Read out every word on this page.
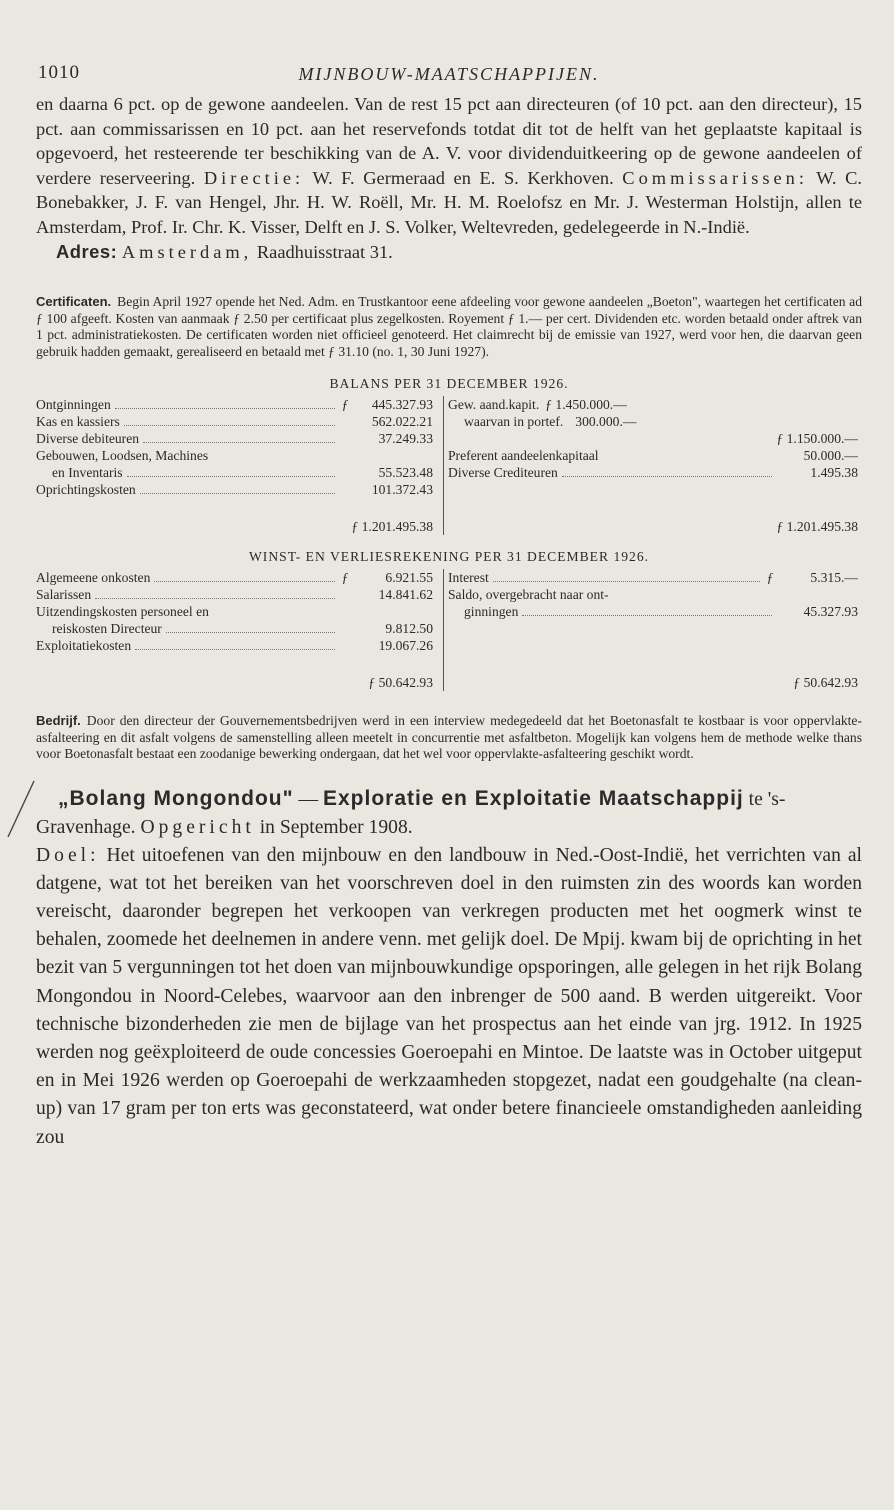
1010	MIJNBOUW-MAATSCHAPPIJEN.

en daarna 6 pct. op de gewone aandeelen. Van de rest 15 pct aan directeuren (of 10 pct. aan den directeur), 15 pct. aan commissarissen en 10 pct. aan het reservefonds totdat dit tot de helft van het geplaatste kapitaal is opgevoerd, het resteerende ter beschikking van de A. V. voor dividenduitkeering op de gewone aandeelen of verdere reserveering. Directie: W. F. Germeraad en E. S. Kerkhoven. Commissarissen: W. C. Bonebakker, J. F. van Hengel, Jhr. H. W. Roëll, Mr. H. M. Roelofsz en Mr. J. Westerman Holstijn, allen te Amsterdam, Prof. Ir. Chr. K. Visser, Delft en J. S. Volker, Weltevreden, gedelegeerde in N.-Indië.

Adres: Amsterdam, Raadhuisstraat 31.

Certificaten. Begin April 1927 opende het Ned. Adm. en Trustkantoor eene afdeeling voor gewone aandeelen „Boeton", waartegen het certificaten ad ƒ 100 afgeeft. Kosten van aanmaak ƒ 2.50 per certificaat plus zegelkosten. Royement ƒ 1.— per cert. Dividenden etc. worden betaald onder aftrek van 1 pct. administratiekosten. De certificaten worden niet officieel genoteerd. Het claimrecht bij de emissie van 1927, werd voor hen, die daarvan geen gebruik hadden gemaakt, gerealiseerd en betaald met ƒ 31.10 (no. 1, 30 Juni 1927).

BALANS PER 31 DECEMBER 1926.
Ontginningen	ƒ	445.327.93
Kas en kassiers	562.022.21
Diverse debiteuren	37.249.33
Gebouwen, Loodsen, Machines
en Inventaris	55.523.48
Oprichtingskosten	101.372.43
ƒ 1.201.495.38
Gew. aand.kapit. ƒ 1.450.000.—
waarvan in portef. 300.000.—
ƒ 1.150.000.—
Preferent aandeelenkapitaal	50.000.—
Diverse Crediteuren	1.495.38
ƒ 1.201.495.38
WINST- EN VERLIESREKENING PER 31 DECEMBER 1926.
Algemeene onkosten	ƒ	6.921.55
Salarissen	14.841.62
Uitzendingskosten personeel en
reiskosten Directeur	9.812.50
Exploitatiekosten	19.067.26
ƒ 50.642.93
Interest	ƒ	5.315.—
Saldo, overgebracht naar ont-
ginningen	45.327.93
ƒ 50.642.93

Bedrijf. Door den directeur der Gouvernementsbedrijven werd in een interview medegedeeld dat het Boetonasfalt te kostbaar is voor oppervlakte-asfalteering en dit asfalt volgens de samenstelling alleen meetelt in concurrentie met asfaltbeton. Mogelijk kan volgens hem de methode welke thans voor Boetonasfalt bestaat een zoodanige bewerking ondergaan, dat het wel voor oppervlakte-asfalteering geschikt wordt.

„Bolang Mongondou" — Exploratie en Exploitatie Maatschappij te 's-Gravenhage. Opgericht in September 1908.

Doel: Het uitoefenen van den mijnbouw en den landbouw in Ned.-Oost-Indië, het verrichten van al datgene, wat tot het bereiken van het voorschreven doel in den ruimsten zin des woords kan worden vereischt, daaronder begrepen het verkoopen van verkregen producten met het oogmerk winst te behalen, zoomede het deelnemen in andere venn. met gelijk doel. De Mpij. kwam bij de oprichting in het bezit van 5 vergunningen tot het doen van mijnbouwkundige opsporingen, alle gelegen in het rijk Bolang Mongondou in Noord-Celebes, waarvoor aan den inbrenger de 500 aand. B werden uitgereikt. Voor technische bizonderheden zie men de bijlage van het prospectus aan het einde van jrg. 1912. In 1925 werden nog geëxploiteerd de oude concessies Goeroepahi en Mintoe. De laatste was in October uitgeput en in Mei 1926 werden op Goeroepahi de werkzaamheden stopgezet, nadat een goudgehalte (na clean-up) van 17 gram per ton erts was geconstateerd, wat onder betere financieele omstandigheden aanleiding zou
